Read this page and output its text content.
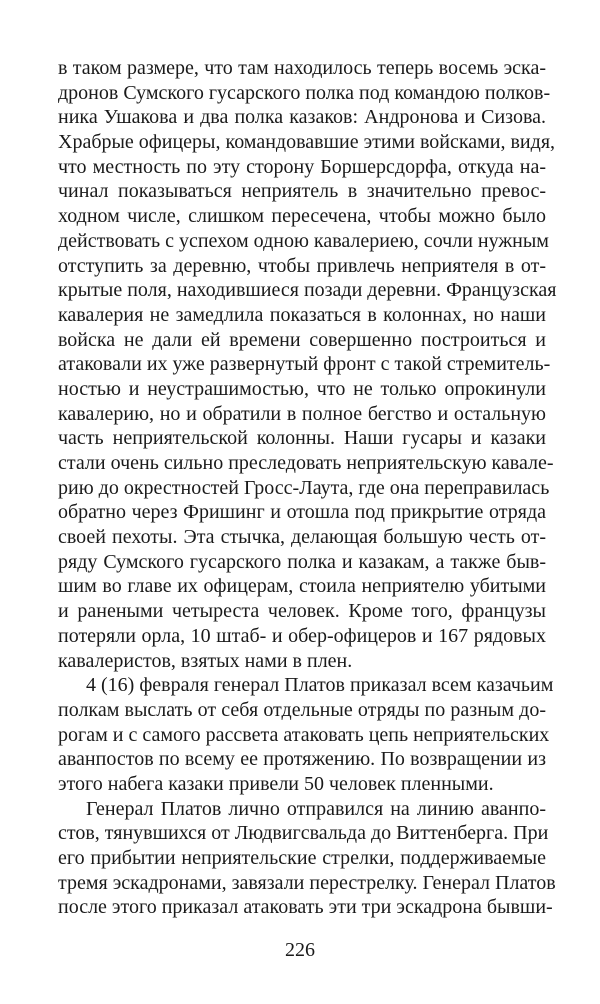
в таком размере, что там находилось теперь восемь эска-
дронов Сумского гусарского полка под командою полков-
ника Ушакова и два полка казаков: Андронова и Сизова.
Храбрые офицеры, командовавшие этими войсками, видя,
что местность по эту сторону Боршерсдорфа, откуда на-
чинал показываться неприятель в значительно превос-
ходном числе, слишком пересечена, чтобы можно было
действовать с успехом одною кавалериею, сочли нужным
отступить за деревню, чтобы привлечь неприятеля в от-
крытые поля, находившиеся позади деревни. Французская
кавалерия не замедлила показаться в колоннах, но наши
войска не дали ей времени совершенно построиться и
атаковали их уже развернутый фронт с такой стремитель-
ностью и неустрашимостью, что не только опрокинули
кавалерию, но и обратили в полное бегство и остальную
часть неприятельской колонны. Наши гусары и казаки
стали очень сильно преследовать неприятельскую кавале-
рию до окрестностей Гросс-Лаута, где она переправилась
обратно через Фришинг и отошла под прикрытие отряда
своей пехоты. Эта стычка, делающая большую честь от-
ряду Сумского гусарского полка и казакам, а также быв-
шим во главе их офицерам, стоила неприятелю убитыми
и ранеными четыреста человек. Кроме того, французы
потеряли орла, 10 штаб- и обер-офицеров и 167 рядовых
кавалеристов, взятых нами в плен.
4 (16) февраля генерал Платов приказал всем казачьим
полкам выслать от себя отдельные отряды по разным до-
рогам и с самого рассвета атаковать цепь неприятельских
аванпостов по всему ее протяжению. По возвращении из
этого набега казаки привели 50 человек пленными.
Генерал Платов лично отправился на линию аванпо-
стов, тянувшихся от Людвигсвальда до Виттенберга. При
его прибытии неприятельские стрелки, поддерживаемые
тремя эскадронами, завязали перестрелку. Генерал Платов
после этого приказал атаковать эти три эскадрона бывши-
226
